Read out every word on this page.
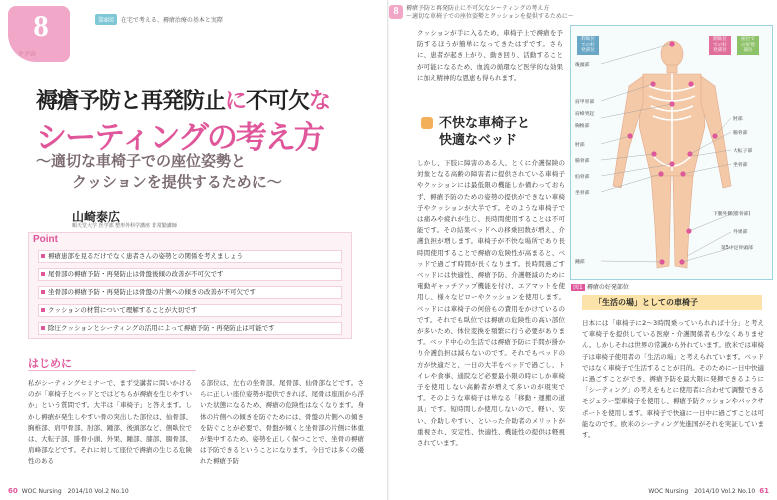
8
ケアの
第8回 在宅で考える、褥瘡治療の基本と実際
褥瘡予防と再発防止に不可欠な
シーティングの考え方
〜適切な車椅子での座位姿勢と
クッションを提供するために〜
山崎泰広
順天堂大学 医学部 整形外科学講座 非常勤講師
Point
褥瘡患部を見るだけでなく患者さんの姿勢との関係を考えましょう
尾骨部の褥瘡予防・再発防止は骨盤後傾の改善が不可欠です
坐骨部の褥瘡予防・再発防止は骨盤の片側への傾きの改善が不可欠です
クッションの材質について理解することが大切です
除圧クッションとシーティングの活用によって褥瘡予防・再発防止は可能です
はじめに
私がシーティングセミナーで、まず受講者に問いかけるのが「車椅子とベッドとではどちらが褥瘡を生じやすいか」という質問です。大半は「車椅子」と答えます。しかし褥瘡が発生しやすい骨の突出した部位は、仙骨部、胸椎部、肩甲骨部、肘部、踵部、後頭部など、側臥位では、大転子部、腓骨小頭、外果、踵部、膝部、腸骨部、肩峰部などです。それに対して座位で褥瘡の生じる危険性のある
る部位は、左右の坐骨部、尾骨部、仙骨部などです。さらに正しい座位姿勢が提供できれば、尾骨は座面から浮いた状態になるため、褥瘡の危険性はなくなります。身体の片側への傾きを防ぐためには、骨盤の片側への傾きを防ぐことが必要で、骨盤が傾くと坐骨部の片側に体重が集中するため、姿勢を正しく保つことで、坐骨の褥瘡は予防できるということになります。今日では多くの優れた褥瘡予防
60 WOC Nursing 2014/10 Vol.2 No.10
8	褥瘡予防と再発防止に不可欠なシーティングの考え方
〜適切な車椅子での座位姿勢とクッションを提供するために〜
クッションが手に入るため、車椅子上で褥瘡を予防するほうが簡単になってきたはずです。さらに、患者が起き上がり、動き回り、活動することが可能になるため、血流の循環など医学的な効果に加え精神的な恩恵も得られます。
不快な車椅子と
快適なベッド
しかし、下肢に障害のある人、とくに介護保険の対象となる高齢の障害者に提供されている車椅子やクッションには最低限の機能しか備わっておらず、褥瘡予防のための姿勢の提供ができない車椅子やクッションが大半です。そのような車椅子では痛みや疲れが生じ、長時間使用することは不可能です。その結果ベッドへの移乗回数が増え、介護負担が増します。車椅子が不快な場所であり長時間使用することで褥瘡の危険性が高まると、ベッドで過ごす時間が長くなります。長時間過ごすベッドには快適性、褥瘡予防、介護軽減のために電動ギャッチアップ機能を付け、エアマットを使用し、様々なピローやクッションを使用します。ベッドには車椅子の何倍もの費用をかけているのです。それでも臥位では褥瘡の危険性の高い部位が多いため、体位変換を頻繁に行う必要があります。ベッド中心の生活では褥瘡予防に手間が掛かり介護負担は減らないのです。それでもベッドの方が快適だと、一日の大半をベッドで過ごし、トイレや食事、通院など必要最小限の時にしか車椅子を使用しない高齢者が増えて多いのが現実です。そのような車椅子は単なる「移動・運搬の道具」です。短時間しか使用しないので、軽い、安い、介助しやすい、といった介助者のメリットが重視され、安定性、快適性、機能性の提供は軽視されています。
仰臥位での好発部位
側臥位での好発部位
座位での好発部位
後頭部
肩甲骨部
肩峰突起
胸椎部
肘部
腸骨部
仙骨部
坐骨部
踵部
肘部
腸骨部
大転子部
坐骨部
下腿外側(腓骨部)
外果部
第5中足骨頭部
図1 褥瘡の好発部位
「生活の場」としての車椅子
日本には「車椅子に2〜3時間乗っていられれば十分」と考えて車椅子を提供している医療・介護関係者も少なくありません。しかしそれは世界の常識から外れています。欧米では車椅子は車椅子使用者の「生活の場」と考えられています。ベッドではなく車椅子で生活することが目的。そのためにー日中快適に過ごすことができ、褥瘡予防を最大限に発揮できるように「シーティング」の考えをもとに使用者に合わせて調整できるモジュラー型車椅子を使用し、褥瘡予防クッションやバックサポートを使用します。車椅子で快適に一日中に過ごすことは可能なのです。欧米のシーティング先進国がそれを実証しています。
WOC Nursing 2014/10 Vol.2 No.10 61
